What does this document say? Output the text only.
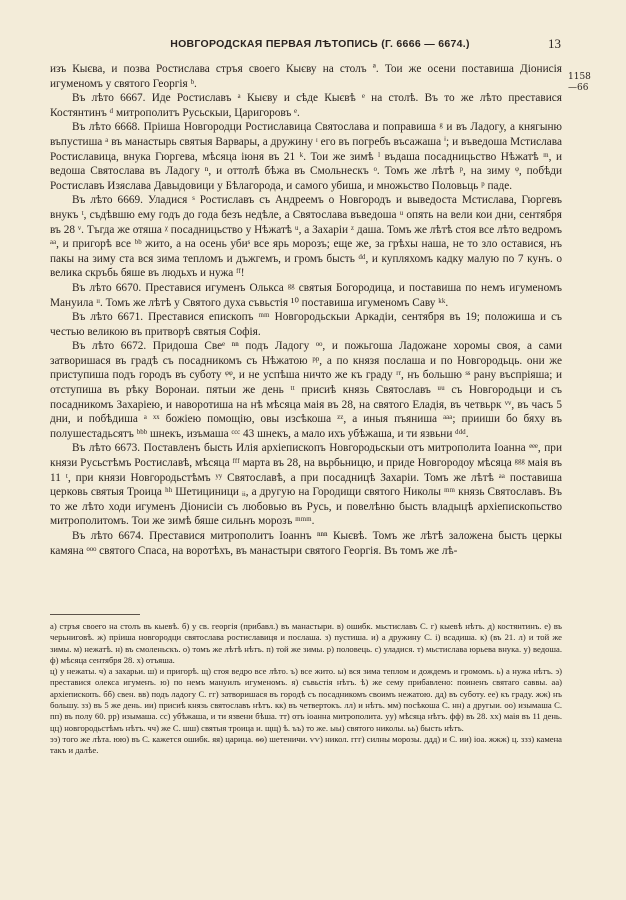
НОВГОРОДСКАЯ ПЕРВАЯ ЛѢТОПИСЬ (Г. 6666 — 6674.)	13
1158
—66

изъ Кыєва, и позва Ростислава стръя своего Кыєву на столъ ª. Тои же осени поставиша Дiониciя игуменомъ у святого Георгiя ᵇ.

Въ лѣто 6667. Иде Ростиславъ ᵃ Кыєву и сѣде Кыєвѣ ᵉ на столѣ. Въ то же лѣто преставися Костянтинъ ᵈ митрополитъ Русьскыи, Царигоровъ ᵉ.

Въ лѣто 6668. Пріиша Новгородци Ростиславица Святослава и поправиша ᵍ и въ Ладогу, а княгыню въпустиша ᵃ въ манастырь святыя Варвары, а дружину ᶦ его въ погребъ въсажаша ⁱ; и въведоша Мстислава Ростиславица, внука Гюргева, мѣсяца iюня въ 21 ᵏ. Тои же зимѣ ˡ въдаша посадницьство Нѣжатѣ ᵐ, и ведоша Святослава въ Ладогу ⁿ, и оттолѣ бѣжа въ Смольнескъ ᵒ. Томъ же лѣтѣ ᵖ, на зиму ᵠ, побѣди Ростиславъ Изяслава Давыдовици у Бѣлагорода, и самого убиша, и множьство Половьць ᵖ паде.

Въ лѣто 6669. Уладися ˢ Ростиславъ съ Андреемъ о Новгородъ и выведоста Мстислава, Гюргевъ внукъ ᵗ, съдѣвшю ему годъ до года безъ недѣле, а Святослава въведоша ᵘ опять на вели кои дни, сентября въ 28 ᵛ. Тъгда же отяша ᵡ посадницьство у Нѣжатѣ ᵘ, а Захаріи ᶻ даша. Томъ же лѣтѣ стоя все лѣто ведромъ ᵃᵃ, и пригорѣ все ᵇᵇ жито, а на осень убиˢ все ярь морозъ; еще же, за грѣхы наша, не то зло оставися, нъ пакы на зиму ста вся зима тепломъ и дъжгемъ, и громъ бысть ᵈᵈ, и купляхомъ кадку малую по 7 кунъ. о велика скръбь бяше въ людьхъ и нужа ᶠᶠ!

Въ лѣто 6670. Преставися игуменъ Олькса ᵍᵍ святыя Богородица, и поставиша по немъ игуменомъ Мануила ᶦᶦ. Томъ же лѣтѣ у Святого духа съвьстiя ¹⁰ поставиша игуменомъ Саву ᵏᵏ.

Въ лѣто 6671. Преставися епископъ ᵐᵐ Новгородьскыи Аркадіи, сентября въ 19; положиша и съ честью великою въ притворѣ святыя Софія.

Въ лѣто 6672. Придоша Свеᵉ ⁿⁿ подъ Ладогу ᵒᵒ, и пожьгоша Ладожане хоромы своя, а сами затворишася въ градѣ съ посадникомъ съ Нѣжатою ᵖᵖ, а по князя послаша и по Новгородьць. они же приступиша подъ городъ въ суботу ᵠᵠ, и не успѣша ничто же къ граду ʳʳ, нъ большю ˢˢ рану въспріяша; и отступиша въ рѣку Воронаи. пятыи же день ᵗᵗ присиѣ князь Святославъ ᵘᵘ съ Новгородьци и съ посадникомъ Захаріею, и наворотиша на нѣ мѣсяца маія въ 28, на святого Еладія, въ четвьрк ᵛᵛ, въ часъ 5 дни, и побѣдиша ᵃ ˣˣ божіею помощію, овы изсѣкоша ᶻᶻ, а иныя пъяниша ᵃᵃᵃ; прииши бо бяху въ полушестадьсятъ ᵇᵇᵇ шнекъ, изъмаша ᶜᶜᶜ 43 шнекъ, а мало ихъ убѣжаша, и ти язвьни ᵈᵈᵈ.

Въ лѣто 6673. Поставленъ бысть Илія архіепископъ Новгородьскыи отъ митрополита Іоанна ᵉᵉᵉ, при князи Русьстѣмъ Ростиславѣ, мѣсяца ᶠᶠᶠ марта въ 28, на вьрбьницю, и приде Новгородоу мѣсяца ᵍᵍᵍ маія въ 11 ᵗ, при князи Новгородьстѣмъ ʸʸ Святославѣ, а при посадницѣ Захаріи. Томъ же лѣтѣ ᵃᵃ поставиша церковь святыя Троица ʰʰ Шетициници ᵢᵢ, а другую на Городищи святого Николы ᵐᵐ князь Святославъ. Въ то же лѣто ходи игуменъ Діонисiи съ любовью въ Русь, и повелѣню бысть владыцѣ архіепископьство митрополитомъ. Тои же зимѣ бяше сильнъ морозъ ᵐᵐᵐ.

Въ лѣто 6674. Преставися митрополитъ Іоаннъ ⁿⁿⁿ Кыєвѣ. Томъ же лѣтѣ заложена бысть церкы камяна ᵒᵒᵒ святого Спаса, на воротѣхъ, въ манастыри святого Георгія. Въ томъ же лѣ-

а) стръя своего на столъ въ кыевѣ. б) у св. георгія (прибавл.) въ манастыри. в) ошибк. мьстиславъ С. г) кыевѣ нѣтъ. д) костянтинъ. е) въ черьниговѣ. ж) пріиша новгородци святослава ростиславиця и послаша. з) пустиша. и) а дружину С. і) всадиша. к) (въ 21. л) и той же зимы. м) нежатѣ. н) въ смоленьскъ. о) томъ же лѣтѣ нѣтъ. п) той же зимы. р) половець. с) уладися. т) мьстислава юрьева внука. у) ведоша. ф) мѣсяца сентября 28. х) отъяша.

ц) у нежаты. ч) а захарьи. ш) и пригорѣ. щ) стоя ведро все лѣто. ъ) все жито. ы) вся зима теплом и дождемъ и громомъ. ь) а нужа нѣтъ. э) преставися олекса игуменъ. ю) по немъ мануилъ игуменомъ. я) съвьстія нѣтъ. ѣ) же сему прибавлено: поиненъ святаго саввы. аа) архіепископъ. бб) свен. вв) подъ ладогу С. гг) затворишася въ городѣ съ посадникомъ своимъ нежатою. дд) въ суботу. ее) къ граду. жж) нъ большу. зз) въ 5 же день. ии) присиѣ князь святославъ нѣтъ. кк) въ четвертокъ. лл) и нѣтъ. мм) посѣкоша С. нн) а другыи. оо) изымаша С. пп) въ полу 60. рр) изымаша. сс) убѣжаша, и ти язвени бѣша. тт) отъ іоанна митрополита. уу) мѣсяца нѣтъ. фф) въ 28. хх) маія въ 11 день. цц) новгородьстѣмъ нѣтъ. чч) же С. шш) святыя троица и. щщ) ѣ. ъъ) то же. ыы) святого николы. ьь) бысть нѣтъ.

ээ) того же лѣта. юю) въ С. кажется ошибк. яя) царица. ѳѳ) шетеничи. ѵѵ) никол. ггг) силны морозы. ддд) и С. ии) іоа. жжж) ц. ззз) камена такъ и далѣе.
